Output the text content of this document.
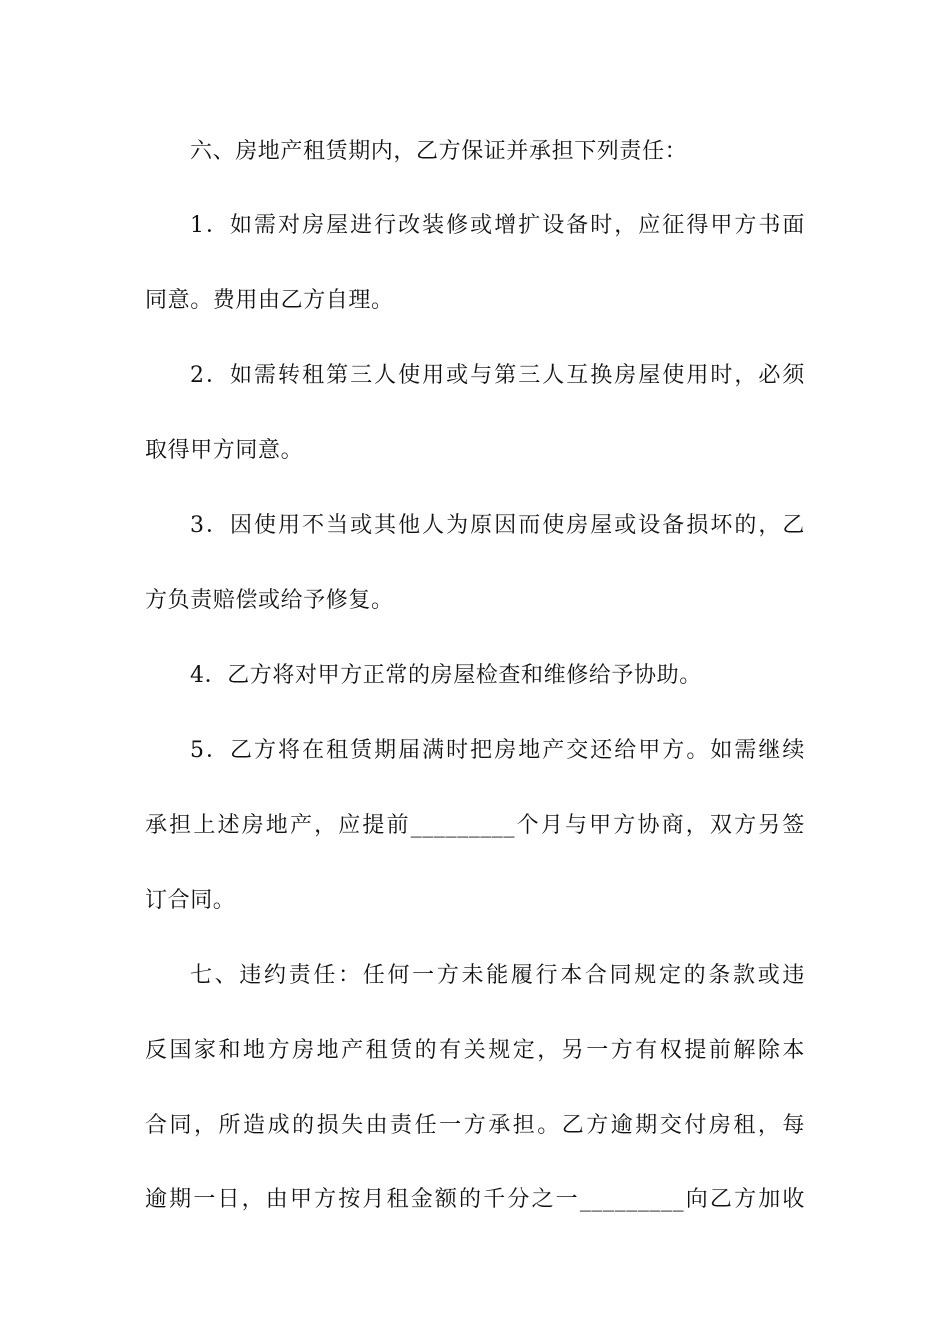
六、房地产租赁期内，乙方保证并承担下列责任：
1．如需对房屋进行改装修或增扩设备时，应征得甲方书面
同意。费用由乙方自理。
2．如需转租第三人使用或与第三人互换房屋使用时，必须
取得甲方同意。
3．因使用不当或其他人为原因而使房屋或设备损坏的，乙
方负责赔偿或给予修复。
4．乙方将对甲方正常的房屋检查和维修给予协助。
5．乙方将在租赁期届满时把房地产交还给甲方。如需继续
承担上述房地产，应提前_________个月与甲方协商，双方另签
订合同。
七、违约责任：任何一方未能履行本合同规定的条款或违
反国家和地方房地产租赁的有关规定，另一方有权提前解除本
合同，所造成的损失由责任一方承担。乙方逾期交付房租，每
逾期一日，由甲方按月租金额的千分之一_________向乙方加收
